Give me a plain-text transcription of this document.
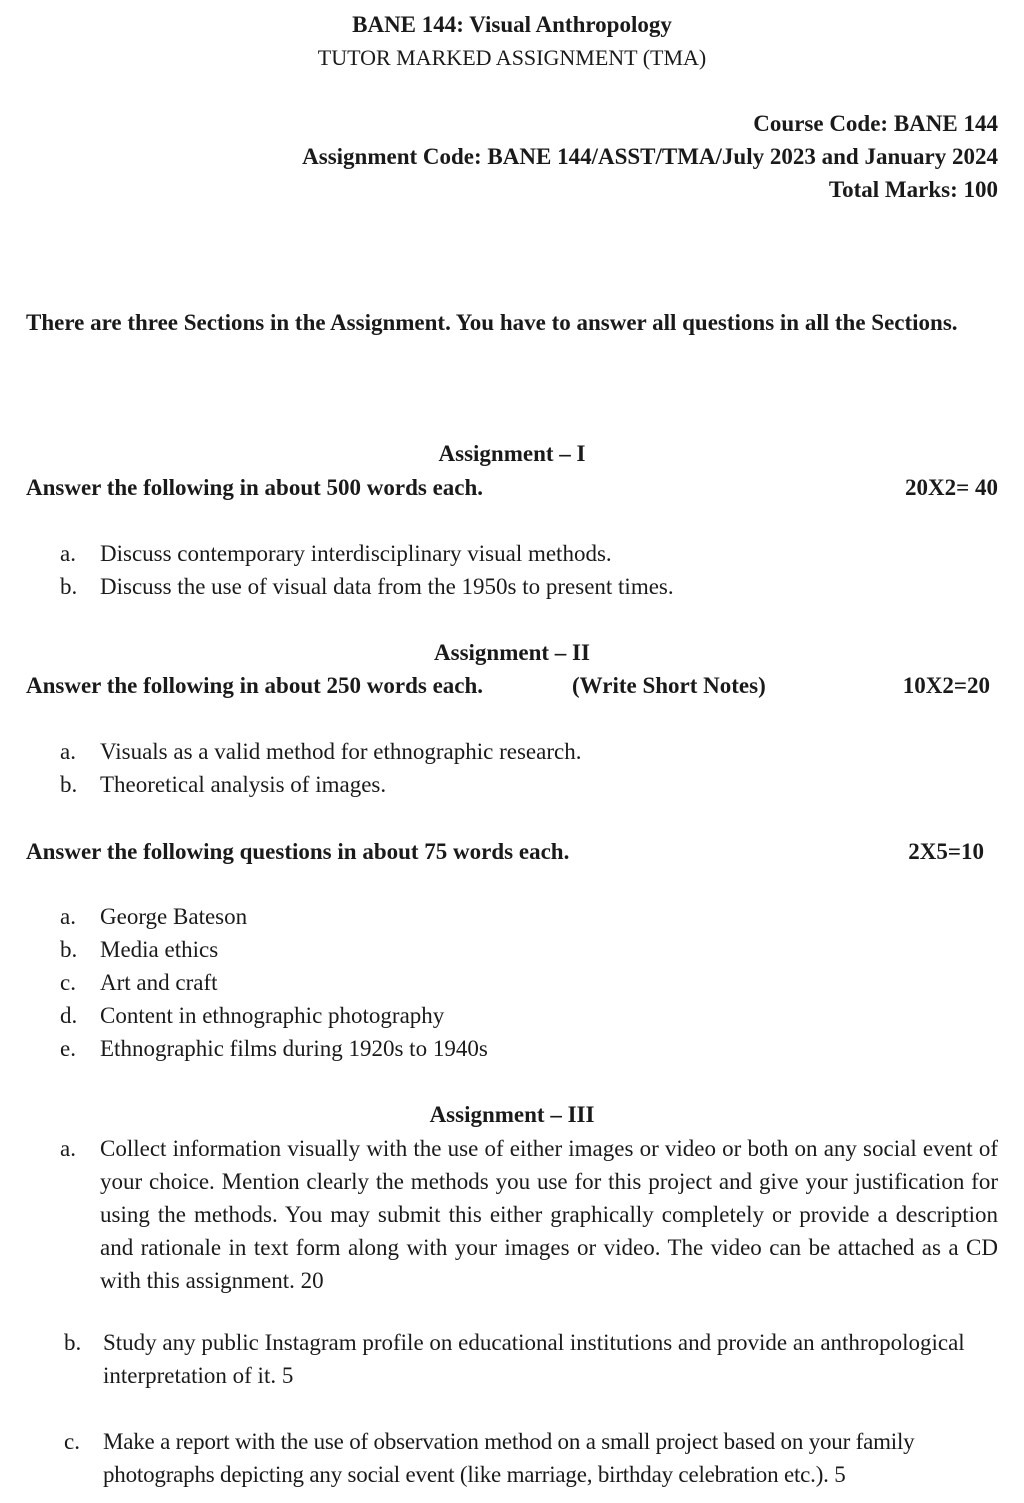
BANE 144: Visual Anthropology
TUTOR MARKED ASSIGNMENT (TMA)
Course Code: BANE 144
Assignment Code: BANE 144/ASST/TMA/July 2023 and January 2024
Total Marks: 100
There are three Sections in the Assignment. You have to answer all questions in all the Sections.
Assignment – I
Answer the following in about 500 words each.	20X2= 40
a.	Discuss contemporary interdisciplinary visual methods.
b. Discuss the use of visual data from the 1950s to present times.
Assignment – II
Answer the following in about 250 words each.	(Write Short Notes)	10X2=20
a.	Visuals as a valid method for ethnographic research.
b. Theoretical analysis of images.
Answer the following questions in about 75 words each.	2X5=10
a.	George Bateson
b. Media ethics
c.	Art and craft
d. Content in ethnographic photography
e.	Ethnographic films during 1920s to 1940s
Assignment – III
a.	Collect information visually with the use of either images or video or both on any social event of your choice. Mention clearly the methods you use for this project and give your justification for using the methods. You may submit this either graphically completely or provide a description and rationale in text form along with your images or video. The video can be attached as a CD with this assignment. 20
b. Study any public Instagram profile on educational institutions and provide an anthropological interpretation of it. 5
c.	Make a report with the use of observation method on a small project based on your family photographs depicting any social event (like marriage, birthday celebration etc.). 5
